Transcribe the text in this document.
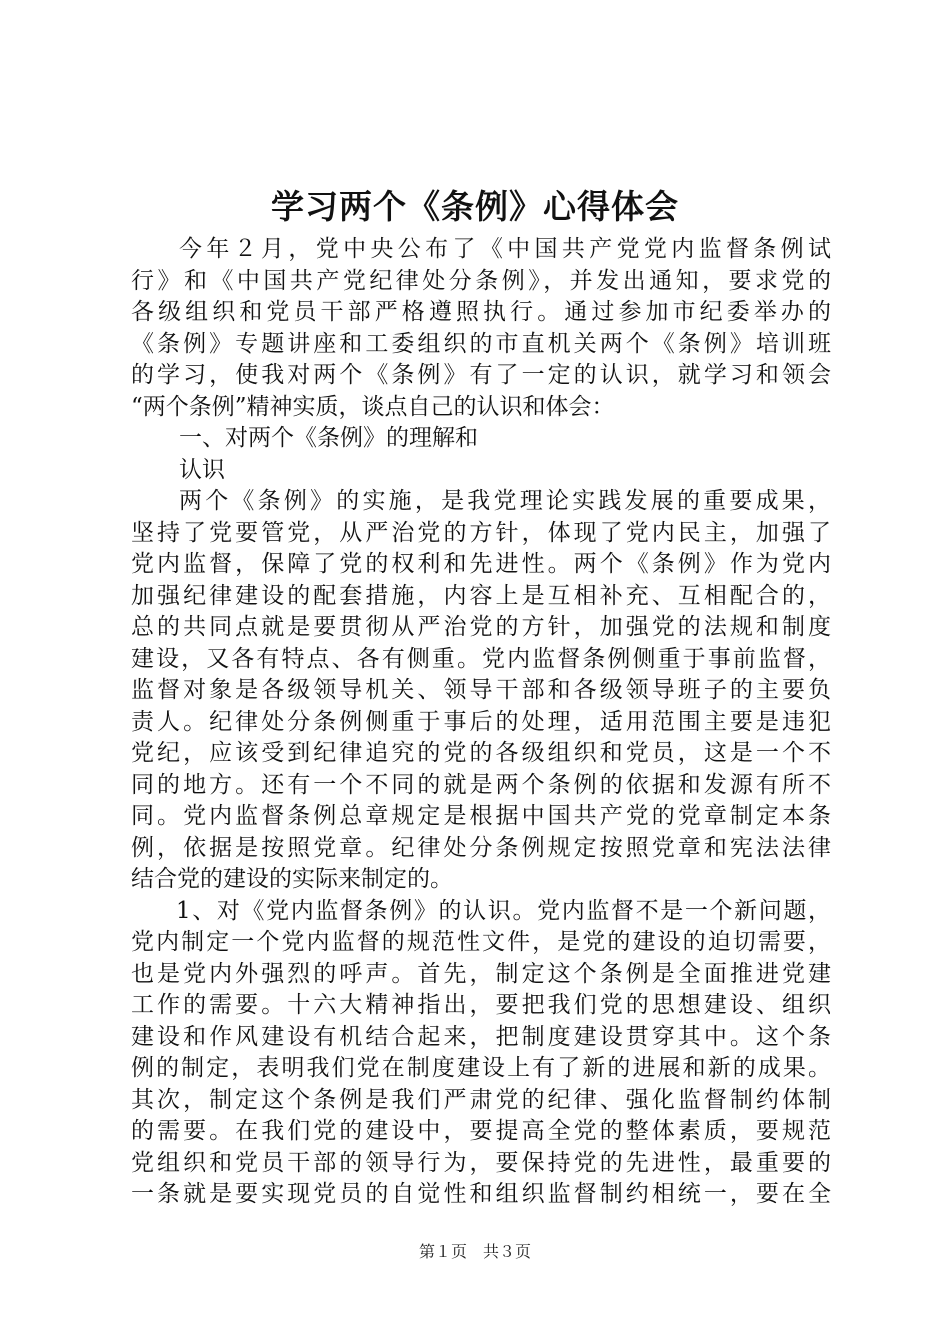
学习两个《条例》心得体会
今年２月，党中央公布了《中国共产党党内监督条例试
行》和《中国共产党纪律处分条例》，并发出通知，要求党的
各级组织和党员干部严格遵照执行。通过参加市纪委举办的
《条例》专题讲座和工委组织的市直机关两个《条例》培训班
的学习，使我对两个《条例》有了一定的认识，就学习和领会
“两个条例”精神实质，谈点自己的认识和体会：
一、对两个《条例》的理解和
认识
两个《条例》的实施，是我党理论实践发展的重要成果，
坚持了党要管党，从严治党的方针，体现了党内民主，加强了
党内监督，保障了党的权利和先进性。两个《条例》作为党内
加强纪律建设的配套措施，内容上是互相补充、互相配合的，
总的共同点就是要贯彻从严治党的方针，加强党的法规和制度
建设，又各有特点、各有侧重。党内监督条例侧重于事前监督，
监督对象是各级领导机关、领导干部和各级领导班子的主要负
责人。纪律处分条例侧重于事后的处理，适用范围主要是违犯
党纪，应该受到纪律追究的党的各级组织和党员，这是一个不
同的地方。还有一个不同的就是两个条例的依据和发源有所不
同。党内监督条例总章规定是根据中国共产党的党章制定本条
例，依据是按照党章。纪律处分条例规定按照党章和宪法法律
结合党的建设的实际来制定的。
1、对《党内监督条例》的认识。党内监督不是一个新问题，
党内制定一个党内监督的规范性文件，是党的建设的迫切需要，
也是党内外强烈的呼声。首先，制定这个条例是全面推进党建
工作的需要。十六大精神指出，要把我们党的思想建设、组织
建设和作风建设有机结合起来，把制度建设贯穿其中。这个条
例的制定，表明我们党在制度建设上有了新的进展和新的成果。
其次，制定这个条例是我们严肃党的纪律、强化监督制约体制
的需要。在我们党的建设中，要提高全党的整体素质，要规范
党组织和党员干部的领导行为，要保持党的先进性，最重要的
一条就是要实现党员的自觉性和组织监督制约相统一，要在全
第１页　共３页
